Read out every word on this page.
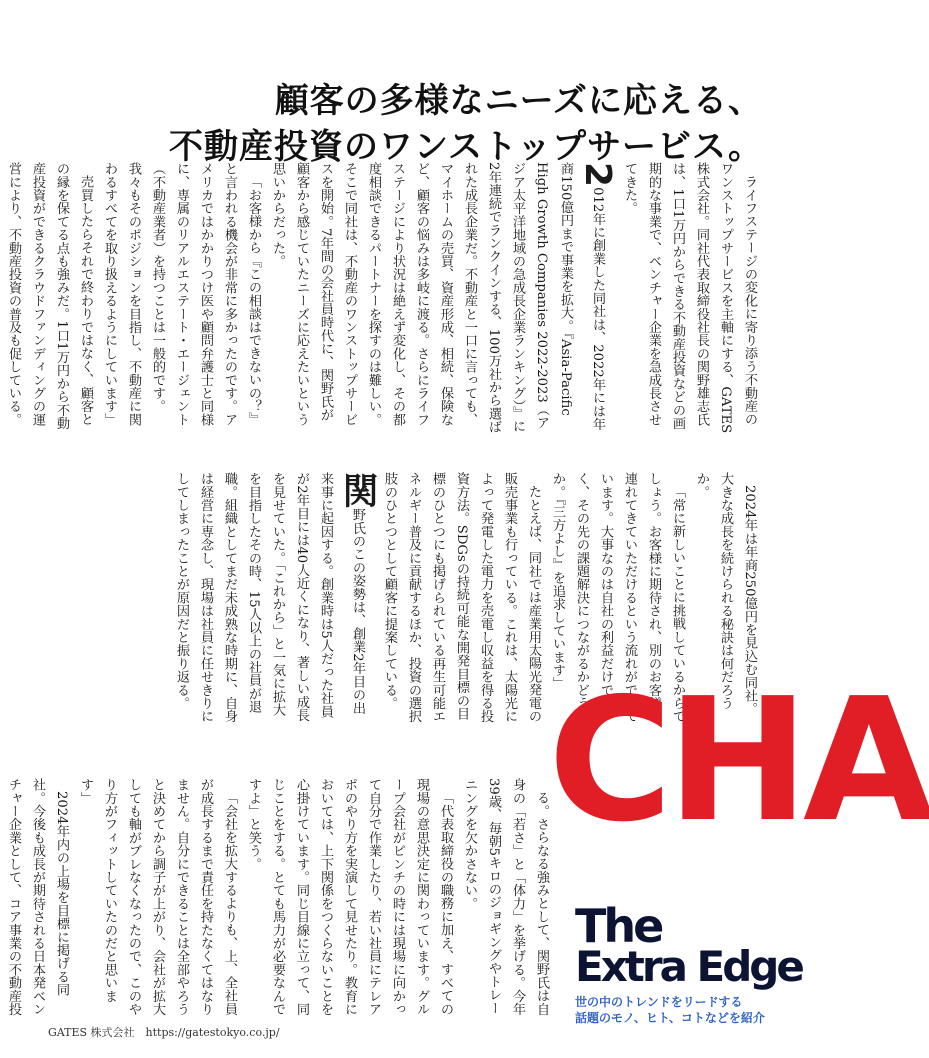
顧客の多様なニーズに応える、
不動産投資のワンストップサービス。

ライフステージの変化に寄り添う不動産のワンストップサービスを主軸にする、GATES株式会社。同社代表取締役社長の関野雄志氏は、1口1万円からできる不動産投資などの画期的な事業で、ベンチャー企業を急成長させてきた。

2012年に創業した同社は、2022年には年商150億円まで事業を拡大。『Asia-Pacific High Growth Companies 2022-2023（アジア太平洋地域の急成長企業ランキング）』に2年連続でランクインする、100万社から選ばれた成長企業だ。不動産と一口に言っても、マイホームの売買、資産形成、相続、保険など、顧客の悩みは多岐に渡る。さらにライフステージにより状況は絶えず変化し、その都度相談できるパートナーを探すのは難しい。そこで同社は、不動産のワンストップサービスを開始。7年間の会社員時代に、関野氏が顧客から感じていたニーズに応えたいという思いからだった。

「お客様から『この相談はできないの？』と言われる機会が非常に多かったのです。アメリカではかかりつけ医や顧問弁護士と同様に、専属のリアルエステート・エージェント（不動産業者）を持つことは一般的です。我々もそのポジションを目指し、不動産に関わるすべてを取り扱えるようにしています」

売買したらそれで終わりではなく、顧客との縁を保てる点も強みだ。1口1万円から不動産投資ができるクラウドファンディングの運営により、不動産投資の普及も促している。

2024年は年商250億円を見込む同社。大きな成長を続けられる秘訣は何だろうか。

「常に新しいことに挑戦しているからでしょう。お客様に期待され、別のお客様を連れてきていただけるという流れができています。大事なのは自社の利益だけでなく、その先の課題解決につながるかどうか。『三方よし』を追求しています」

たとえば、同社では産業用太陽光発電の販売事業も行っている。これは、太陽光によって発電した電力を売電し収益を得る投資方法。SDGsの持続可能な開発目標の目標のひとつにも掲げられている再生可能エネルギー普及に貢献するほか、投資の選択肢のひとつとして顧客に提案している。

関野氏のこの姿勢は、創業2年目の出来事に起因する。創業時は5人だった社員が2年目には40人近くになり、著しい成長を見せていた。「これから」と一気に拡大を目指したその時、15人以上の社員が退職。組織としてまだ未成熟な時期に、自身は経営に専念し、現場は社員に任せきりにしてしまったことが原因だと振り返る。

る。さらなる強みとして、関野氏は自身の「若さ」と「体力」を挙げる。今年39歳、毎朝5キロのジョギングやトレーニングを欠かさない。

「代表取締役の職務に加え、すべての現場の意思決定に関わっています。グループ会社がピンチの時には現場に向かって自分で作業したり、若い社員にテレアポのやり方を実演して見せたり。教育においては、上下関係をつくらないことを心掛けています。同じ目線に立って、同じことをする。とても馬力が必要なんですよ」と笑う。

「会社を拡大するよりも、上、全社員が成長するまで責任を持たなくてはなりません。自分にできることは全部やろうと決めてから調子が上がり、会社が拡大しても軸がブレなくなったので、このやり方がフィットしていたのだと思います」

2024年内の上場を目標に掲げる同社。今後も成長が期待される日本発ベンチャー企業として、コア事業の不動産投

CHA
The
Extra Edge
世の中のトレンドをリードする
話題のモノ、ヒト、コトなどを紹介
GATES 株式会社　https://gatestokyo.co.jp/
